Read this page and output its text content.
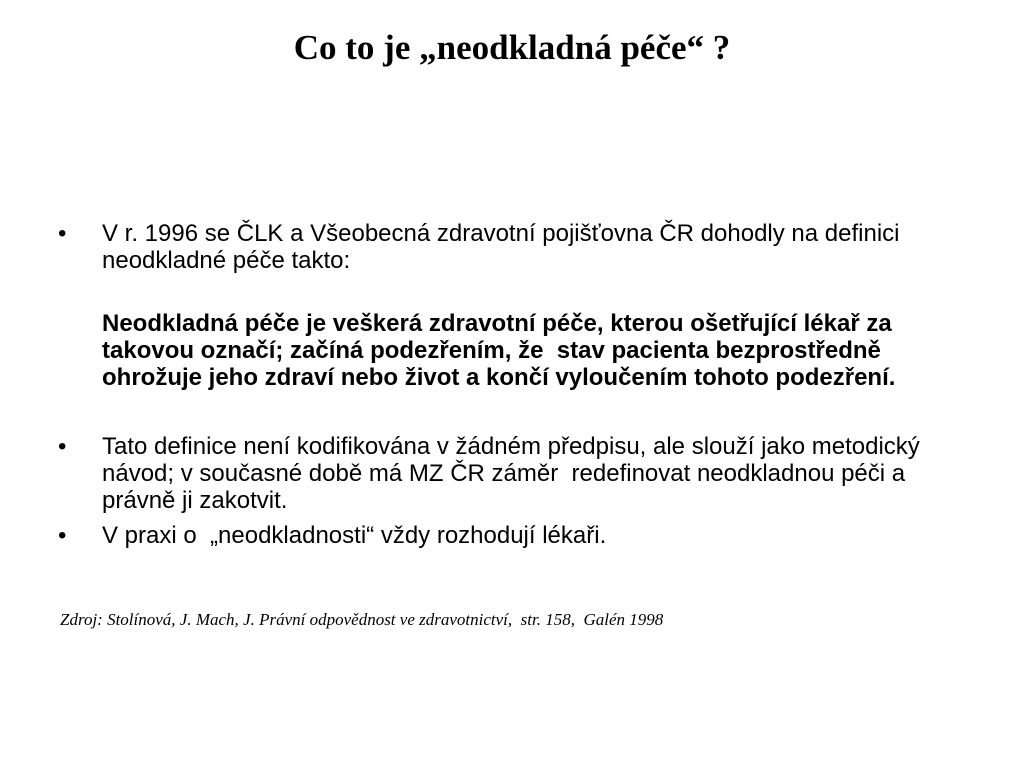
Co to je „neodkladná péče“ ?
• V r. 1996 se ČLK a Všeobecná zdravotní pojišťovna ČR dohodly na definici neodkladné péče takto:
Neodkladná péče je veškerá zdravotní péče, kterou ošetřující lékař za takovou označí; začíná podezřením, že  stav pacienta bezprostředně ohrožuje jeho zdraví nebo život a končí vyloučením tohoto podezření.
• Tato definice není kodifikována v žádném předpisu, ale slouží jako metodický návod; v současné době má MZ ČR záměr  redefinovat neodkladnou péči a právně ji zakotvit.
• V praxi o  „neodkladnosti“ vždy rozhodují lékaři.
Zdroj: Stolínová, J. Mach, J. Právní odpovědnost ve zdravotnictví,  str. 158,  Galén 1998
